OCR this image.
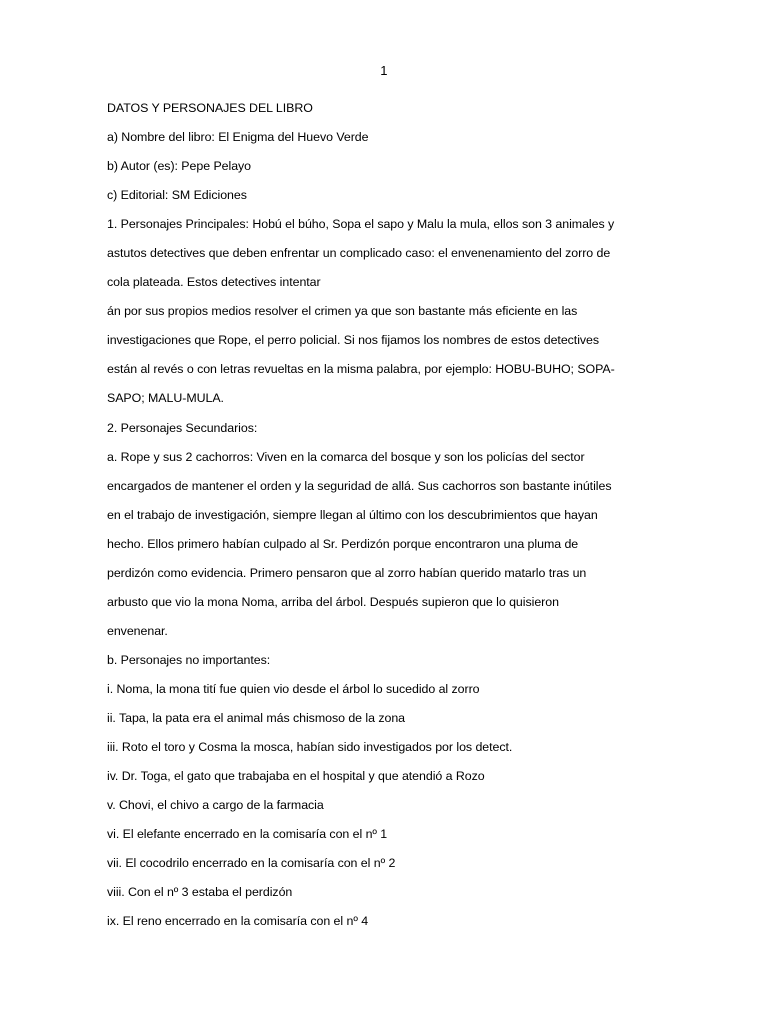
1
DATOS Y PERSONAJES DEL LIBRO
a) Nombre del libro: El Enigma del Huevo Verde
b) Autor (es): Pepe Pelayo
c) Editorial: SM Ediciones
1. Personajes Principales: Hobú el búho, Sopa el sapo y Malu la mula, ellos son 3 animales y
astutos detectives que deben enfrentar un complicado caso: el envenenamiento del zorro de
cola plateada. Estos detectives intentar
án por sus propios medios resolver el crimen ya que son bastante más eficiente en las
investigaciones que Rope, el perro policial. Si nos fijamos los nombres de estos detectives
están al revés o con letras revueltas en la misma palabra, por ejemplo: HOBU-BUHO; SOPA-
SAPO; MALU-MULA.
2. Personajes Secundarios:
a. Rope y sus 2 cachorros: Viven en la comarca del bosque y son los policías del sector
encargados de mantener el orden y la seguridad de allá. Sus cachorros son bastante inútiles
en el trabajo de investigación, siempre llegan al último con los descubrimientos que hayan
hecho. Ellos primero habían culpado al Sr. Perdizón porque encontraron una pluma de
perdizón como evidencia. Primero pensaron que al zorro habían querido matarlo tras un
arbusto que vio la mona Noma, arriba del árbol. Después supieron que lo quisieron
envenenar.
b. Personajes no importantes:
i. Noma, la mona tití fue quien vio desde el árbol lo sucedido al zorro
ii. Tapa, la pata era el animal más chismoso de la zona
iii. Roto el toro y Cosma la mosca, habían sido investigados por los detect.
iv. Dr. Toga, el gato que trabajaba en el hospital y que atendió a Rozo
v. Chovi, el chivo a cargo de la farmacia
vi. El elefante encerrado en la comisaría con el nº 1
vii. El cocodrilo encerrado en la comisaría con el nº 2
viii. Con el nº 3 estaba el perdizón
ix. El reno encerrado en la comisaría con el nº 4
